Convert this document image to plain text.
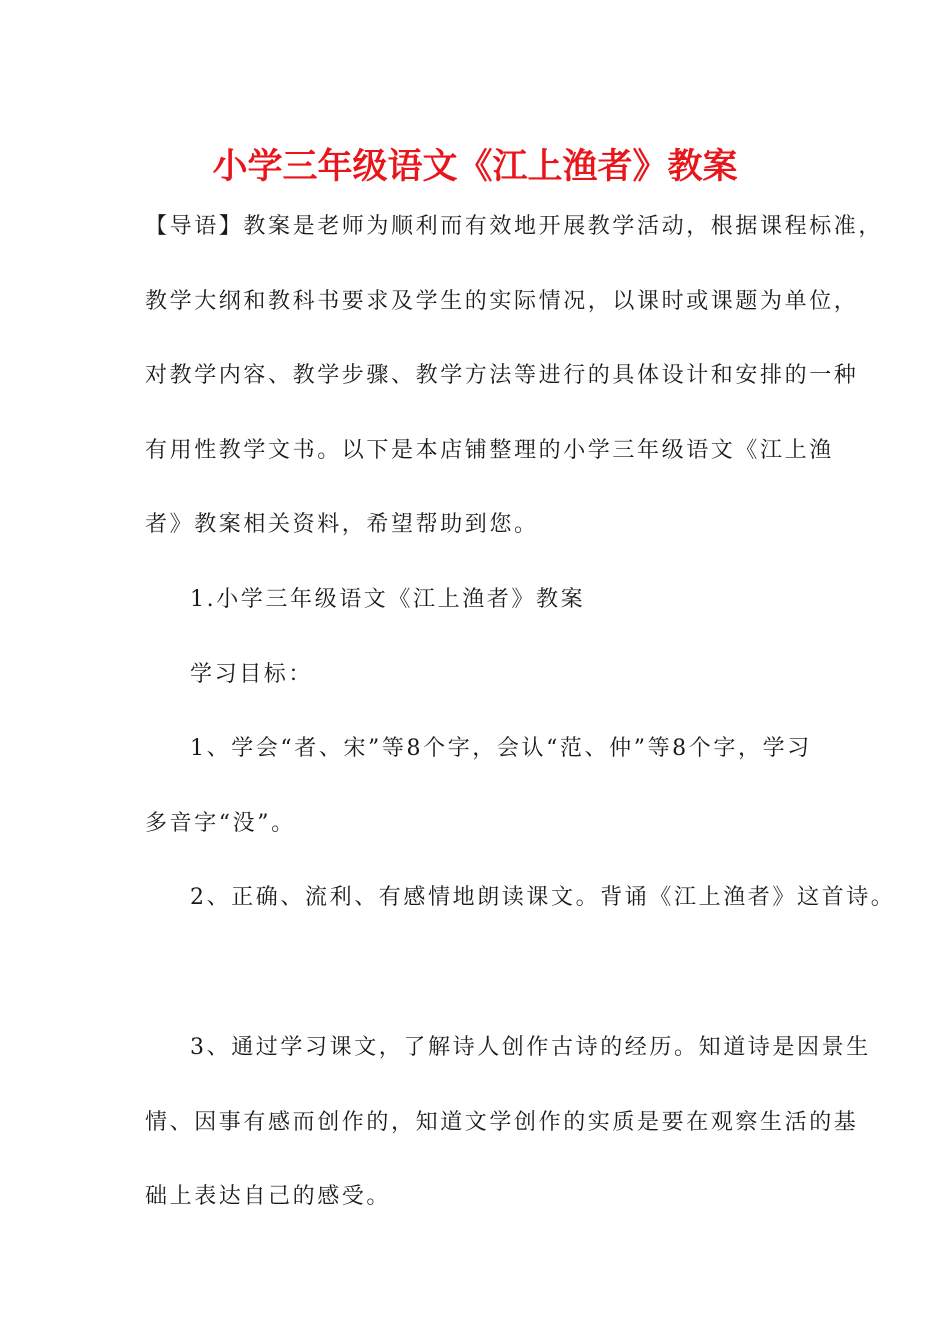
小学三年级语文《江上渔者》教案

【导语】教案是老师为顺利而有效地开展教学活动，根据课程标准，

教学大纲和教科书要求及学生的实际情况，以课时或课题为单位，

对教学内容、教学步骤、教学方法等进行的具体设计和安排的一种

有用性教学文书。以下是本店铺整理的小学三年级语文《江上渔

者》教案相关资料，希望帮助到您。

1.小学三年级语文《江上渔者》教案

学习目标：

1、学会“者、宋”等8个字，会认“范、仲”等8个字，学习

多音字“没”。

2、正确、流利、有感情地朗读课文。背诵《江上渔者》这首诗。

3、通过学习课文，了解诗人创作古诗的经历。知道诗是因景生

情、因事有感而创作的，知道文学创作的实质是要在观察生活的基

础上表达自己的感受。
